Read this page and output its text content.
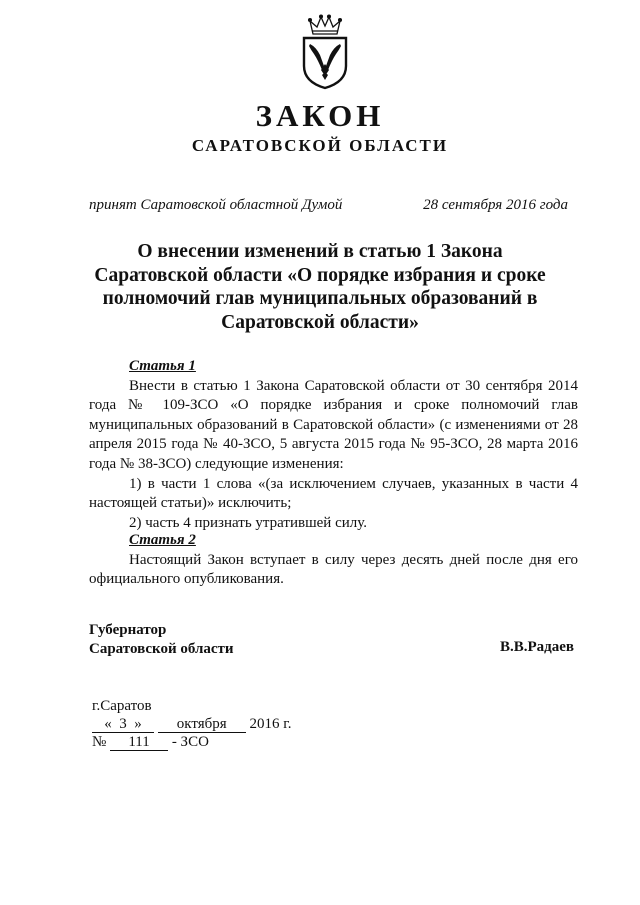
ЗАКОН
САРАТОВСКОЙ ОБЛАСТИ
принят Саратовской областной Думой	28 сентября 2016 года
О внесении изменений в статью 1 Закона Саратовской области «О порядке избрания и сроке полномочий глав муниципальных образований в Саратовской области»
Статья 1
Внести в статью 1 Закона Саратовской области от 30 сентября 2014 года № 109-ЗСО «О порядке избрания и сроке полномочий глав муниципальных образований в Саратовской области» (с изменениями от 28 апреля 2015 года № 40-ЗСО, 5 августа 2015 года № 95-ЗСО, 28 марта 2016 года № 38-ЗСО) следующие изменения:
1) в части 1 слова «(за исключением случаев, указанных в части 4 настоящей статьи)» исключить;
2) часть 4 признать утратившей силу.
Статья 2
Настоящий Закон вступает в силу через десять дней после дня его официального опубликования.
Губернатор
Саратовской области	В.В.Радаев
г.Саратов
« 3 » октября 2016 г.
№ 111 - ЗСО
